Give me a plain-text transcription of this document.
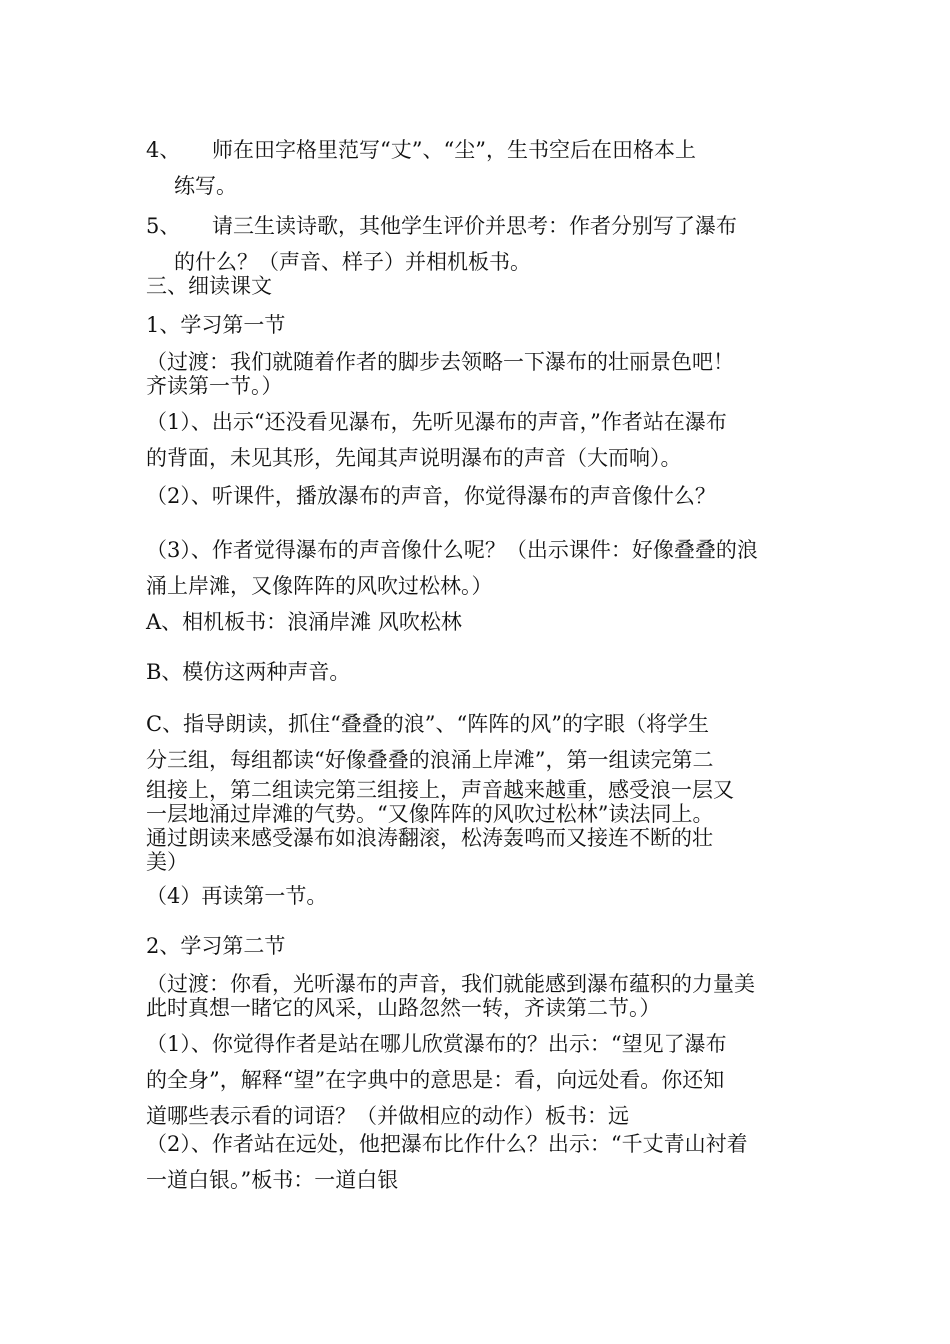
4、 师在田字格里范写“丈”、“尘”，生书空后在田格本上
练写。
5、 请三生读诗歌，其他学生评价并思考：作者分别写了瀑布
的什么？（声音、样子）并相机板书。
三、细读课文
1、学习第一节
（过渡：我们就随着作者的脚步去领略一下瀑布的壮丽景色吧！
齐读第一节。）
（1）、出示“还没看见瀑布，先听见瀑布的声音，”作者站在瀑布
的背面，未见其形，先闻其声说明瀑布的声音（大而响）。
（2）、听课件，播放瀑布的声音，你觉得瀑布的声音像什么？
（3）、作者觉得瀑布的声音像什么呢？（出示课件：好像叠叠的浪
涌上岸滩，又像阵阵的风吹过松林。）
A、相机板书：浪涌岸滩 风吹松林
B、模仿这两种声音。
C、指导朗读，抓住“叠叠的浪”、“阵阵的风”的字眼（将学生
分三组，每组都读“好像叠叠的浪涌上岸滩”，第一组读完第二
组接上，第二组读完第三组接上，声音越来越重，感受浪一层又
一层地涌过岸滩的气势。“又像阵阵的风吹过松林”读法同上。
通过朗读来感受瀑布如浪涛翻滚，松涛轰鸣而又接连不断的壮
美）
（4）再读第一节。
2、学习第二节
（过渡：你看，光听瀑布的声音，我们就能感到瀑布蕴积的力量美
此时真想一睹它的风采，山路忽然一转，齐读第二节。）
（1）、你觉得作者是站在哪儿欣赏瀑布的？出示：“望见了瀑布
的全身”，解释“望”在字典中的意思是：看，向远处看。你还知
道哪些表示看的词语？（并做相应的动作）板书：远
（2）、作者站在远处，他把瀑布比作什么？出示：“千丈青山衬着
一道白银。”板书：一道白银
